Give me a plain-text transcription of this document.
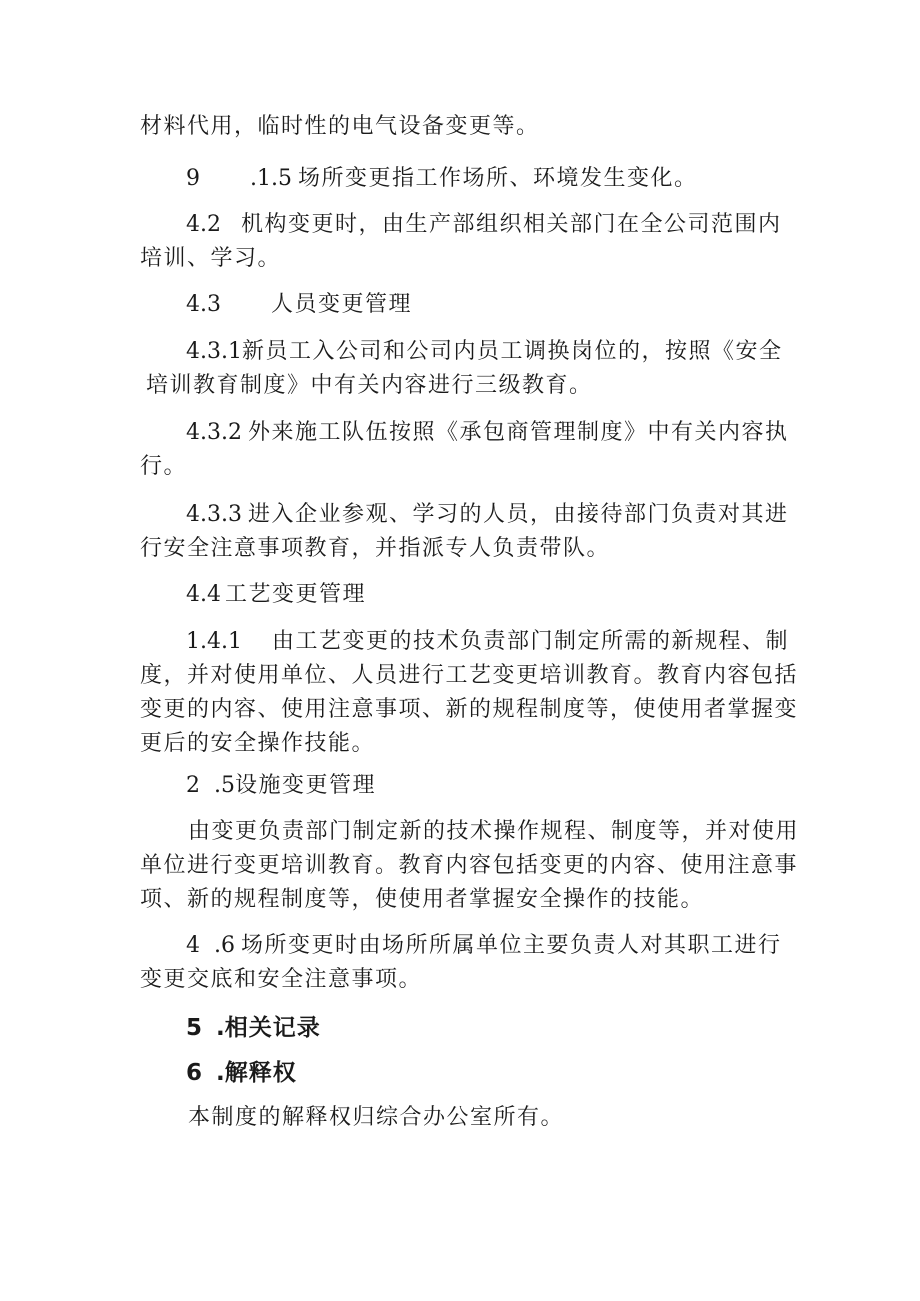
材料代用，临时性的电气设备变更等。
9 .1.5 场所变更指工作场所、环境发生变化。
4.2 机构变更时，由生产部组织相关部门在全公司范围内
培训、学习。
4.3 人员变更管理
4.3.1新员工入公司和公司内员工调换岗位的，按照《安全
培训教育制度》中有关内容进行三级教育。
4.3.2 外来施工队伍按照《承包商管理制度》中有关内容执
行。
4.3.3 进入企业参观、学习的人员，由接待部门负责对其进
行安全注意事项教育，并指派专人负责带队。
4.4 工艺变更管理
1.4.1 由工艺变更的技术负责部门制定所需的新规程、制
度，并对使用单位、人员进行工艺变更培训教育。教育内容包括
变更的内容、使用注意事项、新的规程制度等，使使用者掌握变
更后的安全操作技能。
2 .5设施变更管理
由变更负责部门制定新的技术操作规程、制度等，并对使用
单位进行变更培训教育。教育内容包括变更的内容、使用注意事
项、新的规程制度等，使使用者掌握安全操作的技能。
4 .6 场所变更时由场所所属单位主要负责人对其职工进行
变更交底和安全注意事项。
5 .相关记录
6 .解释权
本制度的解释权归综合办公室所有。
